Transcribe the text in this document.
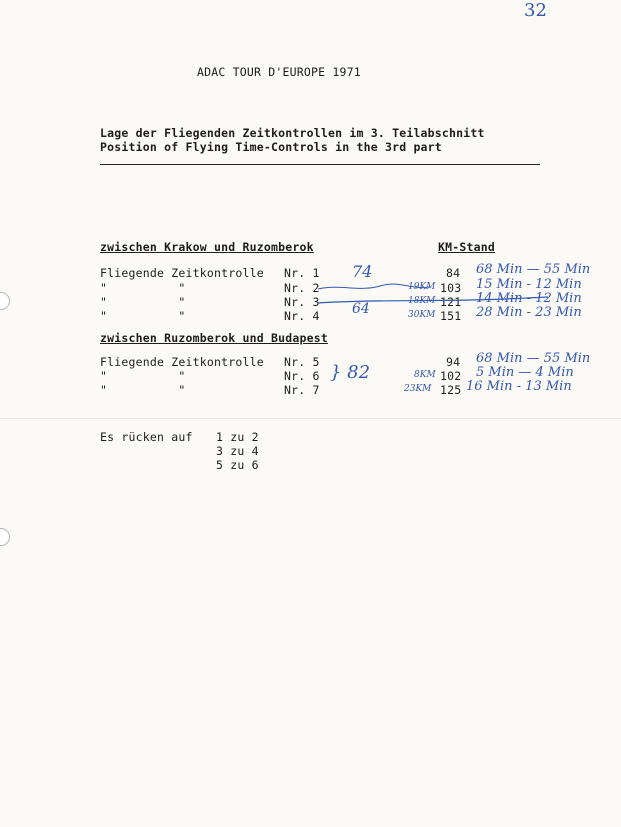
32
ADAC TOUR D'EUROPE 1971
Lage der Fliegenden Zeitkontrollen im 3. Teilabschnitt
Position of Flying Time-Controls in the 3rd part
zwischen Krakow und Ruzomberok	KM-Stand
Fliegende Zeitkontrolle Nr. 1	84 68 Min — 55 Min
"          "	Nr. 2	19KM 103 15 Min - 12 Min
"          "	Nr. 3	18KM 121 14 Min - 12 Min
"          "	Nr. 4	30KM 151 28 Min - 23 Min
74
64
zwischen Ruzomberok und Budapest
Fliegende Zeitkontrolle Nr. 5	94 68 Min — 55 Min
"          "	Nr. 6	8KM 102 5 Min — 4 Min
"          "	Nr. 7	23KM 125 16 Min - 13 Min
} 82
Es rücken auf 1 zu 2
3 zu 4
5 zu 6
